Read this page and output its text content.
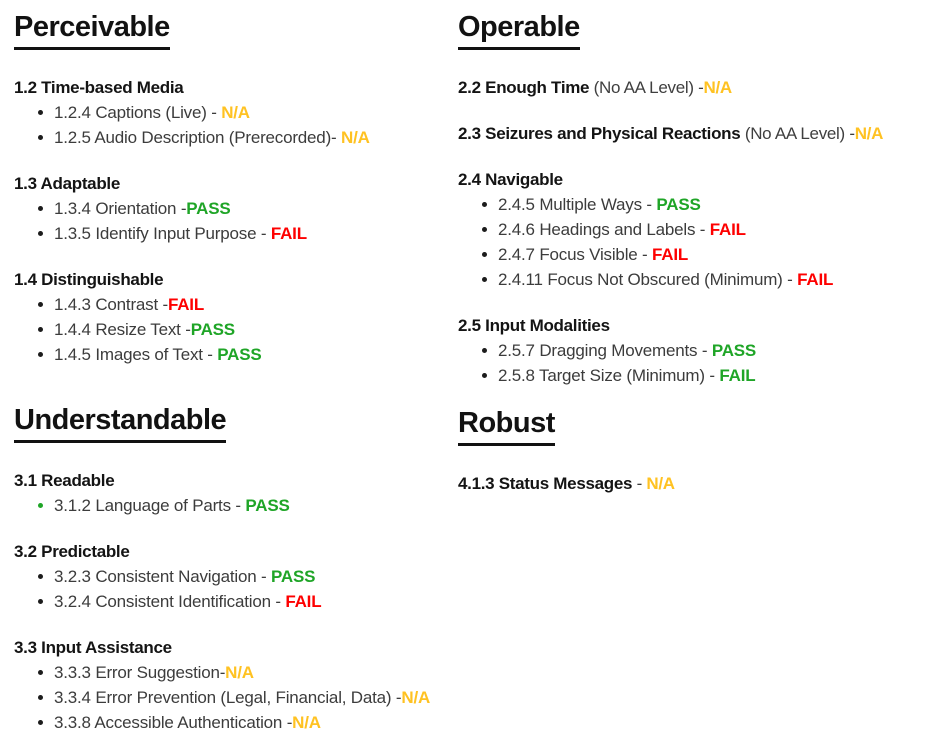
Perceivable
1.2 Time-based Media
1.2.4 Captions (Live) - N/A
1.2.5 Audio Description (Prerecorded)- N/A
1.3 Adaptable
1.3.4 Orientation -PASS
1.3.5 Identify Input Purpose - FAIL
1.4 Distinguishable
1.4.3 Contrast -FAIL
1.4.4 Resize Text -PASS
1.4.5 Images of Text - PASS
Understandable
3.1 Readable
3.1.2 Language of Parts - PASS
3.2 Predictable
3.2.3 Consistent Navigation - PASS
3.2.4 Consistent Identification - FAIL
3.3 Input Assistance
3.3.3 Error Suggestion-N/A
3.3.4 Error Prevention (Legal, Financial, Data) -N/A
3.3.8 Accessible Authentication -N/A
Operable
2.2 Enough Time (No AA Level) -N/A
2.3 Seizures and Physical Reactions (No AA Level) -N/A
2.4 Navigable
2.4.5 Multiple Ways - PASS
2.4.6 Headings and Labels - FAIL
2.4.7 Focus Visible - FAIL
2.4.11 Focus Not Obscured (Minimum) - FAIL
2.5 Input Modalities
2.5.7 Dragging Movements - PASS
2.5.8 Target Size (Minimum) - FAIL
Robust
4.1.3 Status Messages - N/A
